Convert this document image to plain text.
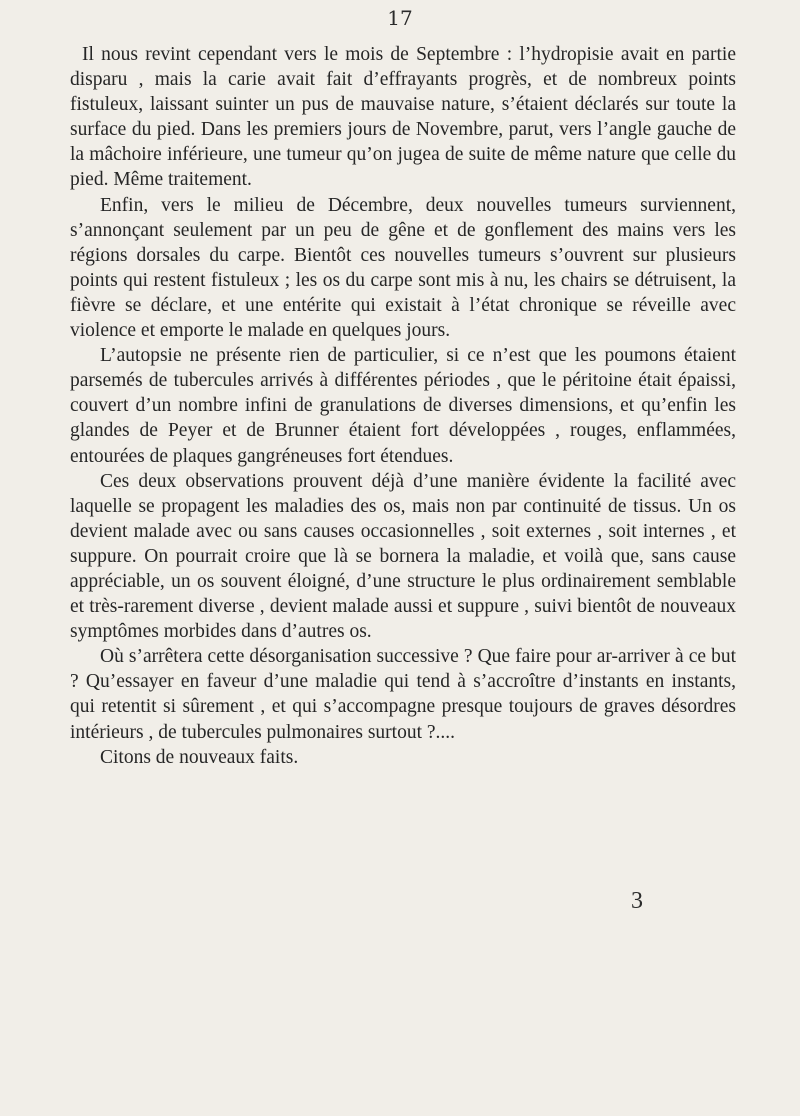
17

Il nous revint cependant vers le mois de Septembre : l’hydropisie avait en partie disparu , mais la carie avait fait d’effrayants progrès, et de nombreux points fistuleux, laissant suinter un pus de mauvaise nature, s’étaient déclarés sur toute la surface du pied. Dans les premiers jours de Novembre, parut, vers l’angle gauche de la mâchoire inférieure, une tumeur qu’on jugea de suite de même nature que celle du pied. Même traitement.

Enfin, vers le milieu de Décembre, deux nouvelles tumeurs surviennent, s’annonçant seulement par un peu de gêne et de gonflement des mains vers les régions dorsales du carpe. Bientôt ces nouvelles tumeurs s’ouvrent sur plusieurs points qui restent fistuleux ; les os du carpe sont mis à nu, les chairs se détruisent, la fièvre se déclare, et une entérite qui existait à l’état chronique se réveille avec violence et emporte le malade en quelques jours.

L’autopsie ne présente rien de particulier, si ce n’est que les poumons étaient parsemés de tubercules arrivés à différentes périodes , que le péritoine était épaissi, couvert d’un nombre infini de granulations de diverses dimensions, et qu’enfin les glandes de Peyer et de Brunner étaient fort développées , rouges, enflammées, entourées de plaques gangréneuses fort étendues.

Ces deux observations prouvent déjà d’une manière évidente la facilité avec laquelle se propagent les maladies des os, mais non par continuité de tissus. Un os devient malade avec ou sans causes occasionnelles , soit externes , soit internes , et suppure. On pourrait croire que là se bornera la maladie, et voilà que, sans cause appréciable, un os souvent éloigné, d’une structure le plus ordinairement semblable et très-rarement diverse , devient malade aussi et suppure , suivi bientôt de nouveaux symptômes morbides dans d’autres os.

Où s’arrêtera cette désorganisation successive ? Que faire pour ar-arriver à ce but ? Qu’essayer en faveur d’une maladie qui tend à s’accroître d’instants en instants, qui retentit si sûrement , et qui s’accompagne presque toujours de graves désordres intérieurs , de tubercules pulmonaires surtout ?....

Citons de nouveaux faits.

3
